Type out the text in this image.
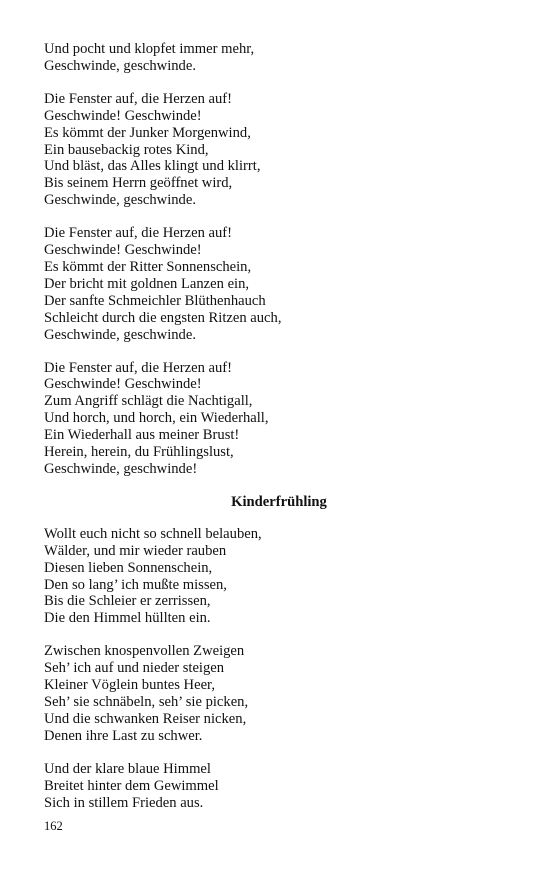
Und pocht und klopfet immer mehr,
Geschwinde, geschwinde.
Die Fenster auf, die Herzen auf!
Geschwinde! Geschwinde!
Es kömmt der Junker Morgenwind,
Ein bausebackig rotes Kind,
Und bläst, das Alles klingt und klirrt,
Bis seinem Herrn geöffnet wird,
Geschwinde, geschwinde.
Die Fenster auf, die Herzen auf!
Geschwinde! Geschwinde!
Es kömmt der Ritter Sonnenschein,
Der bricht mit goldnen Lanzen ein,
Der sanfte Schmeichler Blüthenhauch
Schleicht durch die engsten Ritzen auch,
Geschwinde, geschwinde.
Die Fenster auf, die Herzen auf!
Geschwinde! Geschwinde!
Zum Angriff schlägt die Nachtigall,
Und horch, und horch, ein Wiederhall,
Ein Wiederhall aus meiner Brust!
Herein, herein, du Frühlingslust,
Geschwinde, geschwinde!
Kinderfrühling
Wollt euch nicht so schnell belauben,
Wälder, und mir wieder rauben
Diesen lieben Sonnenschein,
Den so lang’ ich mußte missen,
Bis die Schleier er zerrissen,
Die den Himmel hüllten ein.
Zwischen knospenvollen Zweigen
Seh’ ich auf und nieder steigen
Kleiner Vöglein buntes Heer,
Seh’ sie schnäbeln, seh’ sie picken,
Und die schwanken Reiser nicken,
Denen ihre Last zu schwer.
Und der klare blaue Himmel
Breitet hinter dem Gewimmel
Sich in stillem Frieden aus.
162
